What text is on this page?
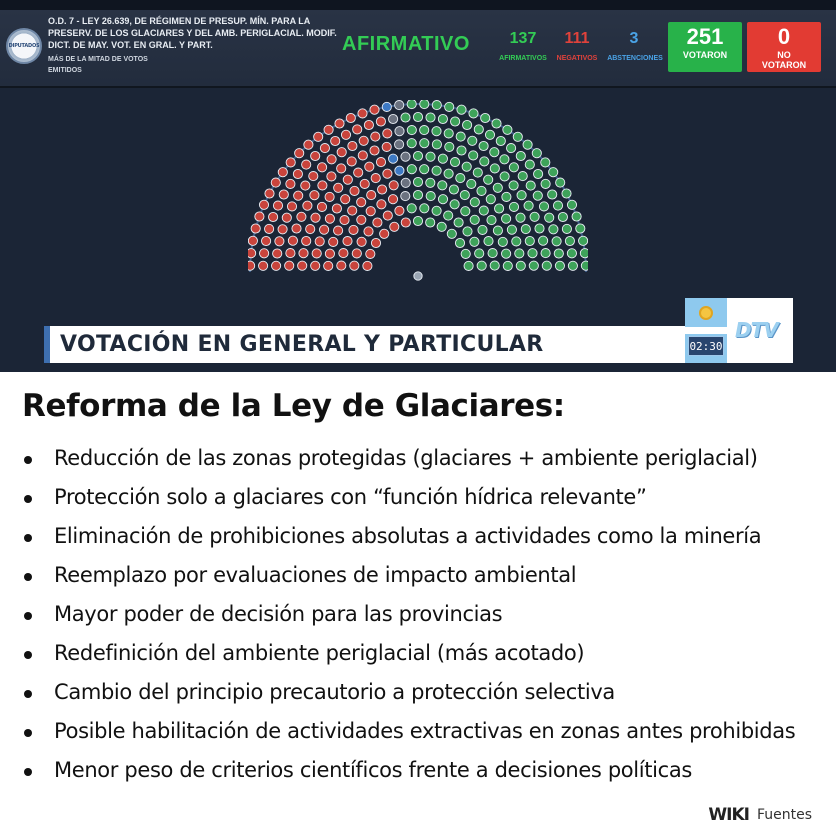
DIPUTADOS
O.D. 7 - LEY 26.639, DE RÉGIMEN DE PRESUP. MÍN. PARA LA PRESERV. DE LOS GLACIARES Y DEL AMB. PERIGLACIAL. MODIF. DICT. DE MAY. VOT. EN GRAL. Y PART.
MÁS DE LA MITAD DE VOTOS EMITIDOS
AFIRMATIVO	137
AFIRMATIVOS
111
NEGATIVOS
3
ABSTENCIONES
251
VOTARON
0
NO VOTARON
VOTACIÓN EN GENERAL Y PARTICULAR	02:30
DTV
Reforma de la Ley de Glaciares:
Reducción de las zonas protegidas (glaciares + ambiente periglacial)
Protección solo a glaciares con “función hídrica relevante”
Eliminación de prohibiciones absolutas a actividades como la minería
Reemplazo por evaluaciones de impacto ambiental
Mayor poder de decisión para las provincias
Redefinición del ambiente periglacial (más acotado)
Cambio del principio precautorio a protección selectiva
Posible habilitación de actividades extractivas en zonas antes prohibidas
Menor peso de criterios científicos frente a decisiones políticas
WIKI Fuentes
